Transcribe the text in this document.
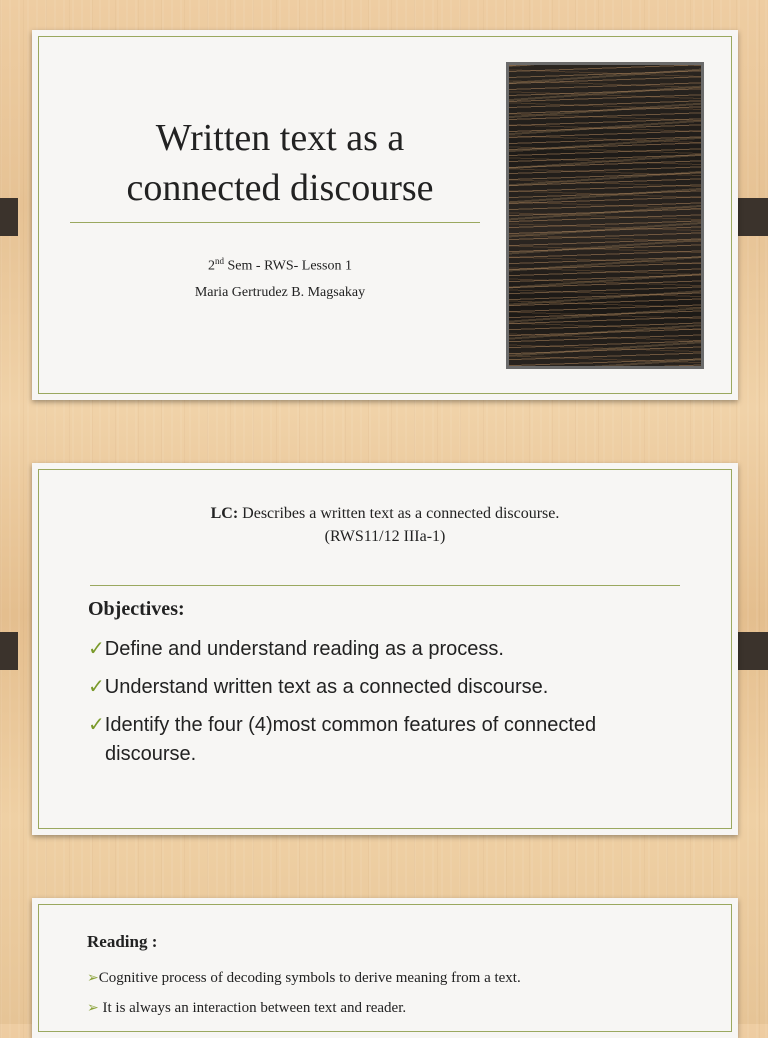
Written text as a
connected discourse
2nd Sem - RWS- Lesson 1
Maria Gertrudez B. Magsakay
LC: Describes a written text as a connected discourse.
(RWS11/12 IIIa-1)
Objectives:
✓Define and understand reading as a process.
✓Understand written text as a connected discourse.
✓Identify the four (4)most common features of connected discourse.
Reading :
➢Cognitive process of decoding symbols to derive meaning from a text.
➢ It is always an interaction between text and reader.
